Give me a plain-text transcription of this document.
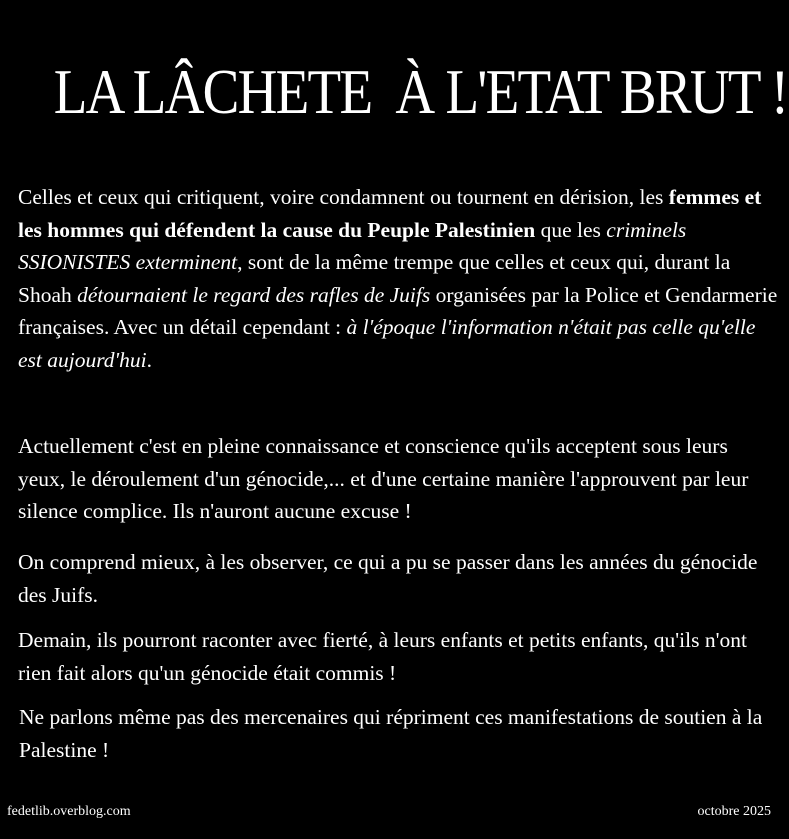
LA LÂCHETE  À L'ETAT BRUT !

Celles et ceux qui critiquent, voire condamnent ou tournent en dérision, les femmes et les hommes qui défendent la cause du Peuple Palestinien que les criminels SSIONISTES exterminent, sont de la même trempe que celles et ceux qui, durant la Shoah détournaient le regard des rafles de Juifs organisées par la Police et Gendarmerie françaises. Avec un détail cependant : à l'époque l'information n'était pas celle qu'elle est aujourd'hui.

Actuellement c'est en pleine connaissance et conscience qu'ils acceptent sous leurs yeux, le déroulement d'un génocide,... et d'une certaine manière l'approuvent par leur silence complice. Ils n'auront aucune excuse !

On comprend mieux, à les observer, ce qui a pu se passer dans les années du génocide des Juifs.

Demain, ils pourront raconter avec fierté, à leurs enfants et petits enfants, qu'ils n'ont rien fait alors qu'un génocide était commis !

Ne parlons même pas des mercenaires qui répriment ces manifestations de soutien à la Palestine !

fedetlib.overblog.com	octobre 2025
